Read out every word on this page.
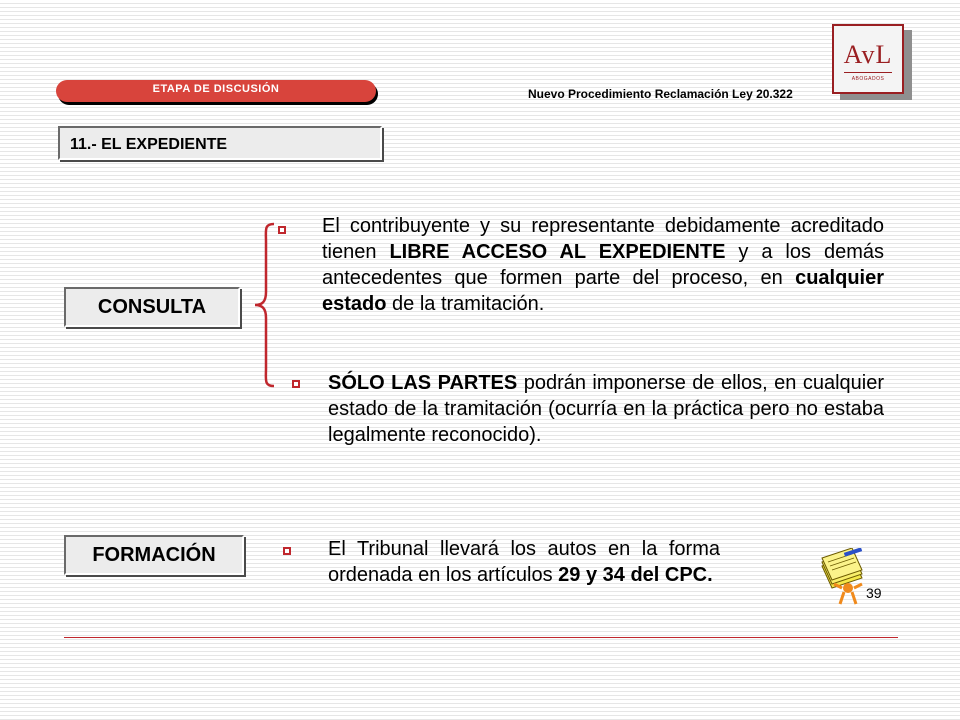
ETAPA DE DISCUSIÓN	Nuevo Procedimiento Reclamación Ley 20.322
AvL
ABOGADOS
11.- EL EXPEDIENTE
CONSULTA
El contribuyente y su representante debidamente acreditado tienen LIBRE ACCESO AL EXPEDIENTE y a los demás antecedentes que formen parte del proceso, en cualquier estado de la tramitación.
SÓLO LAS PARTES podrán imponerse de ellos, en cualquier estado de la tramitación (ocurría en la práctica pero no estaba legalmente reconocido).
FORMACIÓN	El Tribunal llevará los autos en la forma ordenada en los artículos 29 y 34 del CPC.
39
